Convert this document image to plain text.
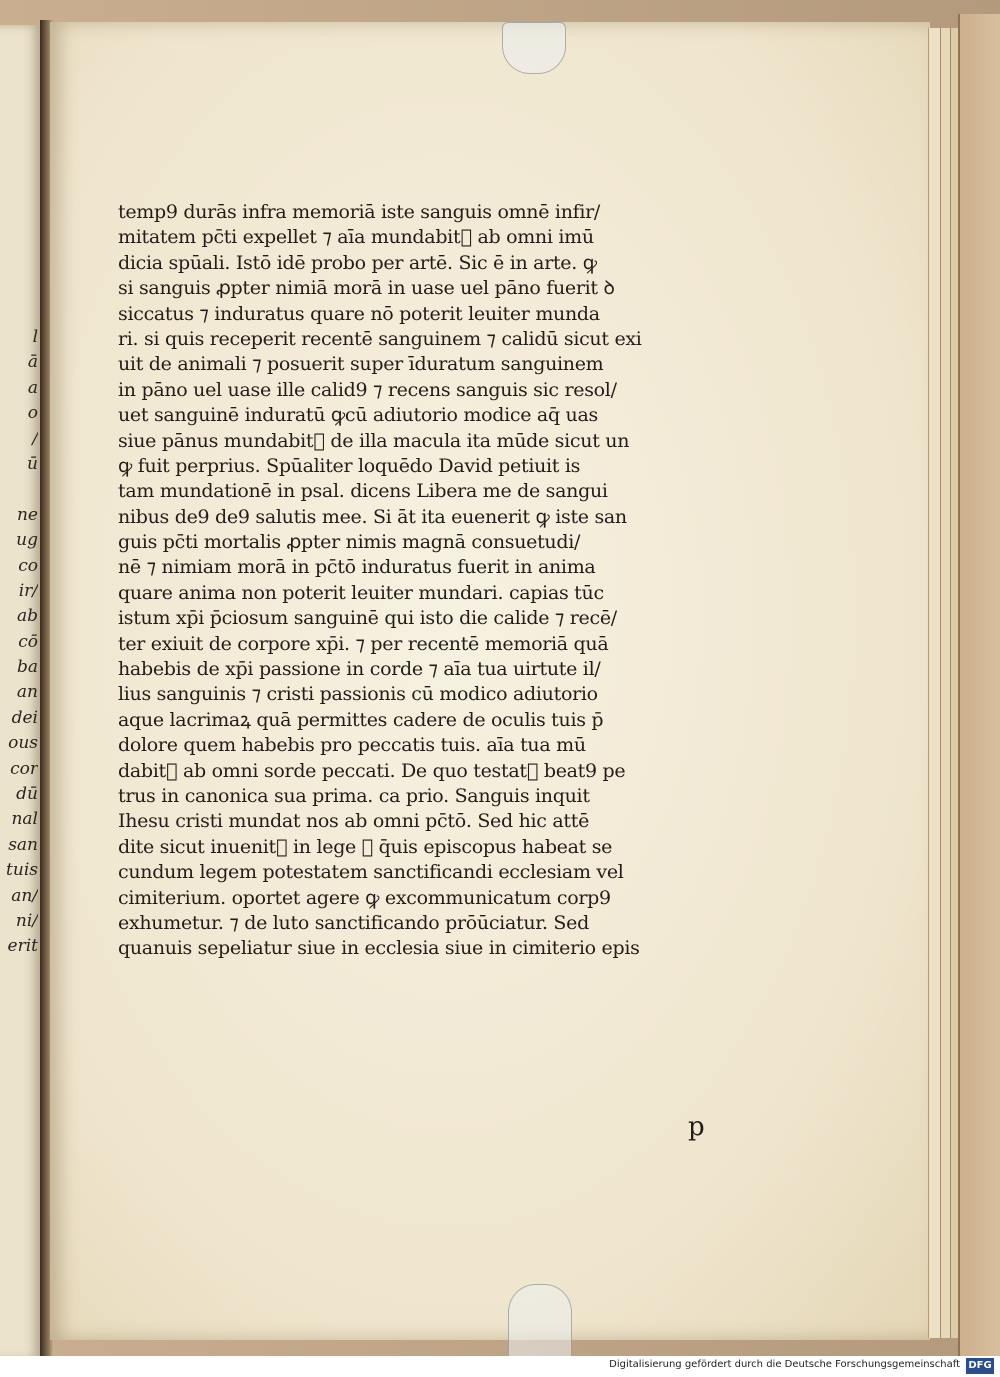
l
ā
a
o
/
ū
ne
ug
co
ir/
ab
cō
ba
an
dei
ous
cor
dū
nal
san
tuis
an/
ni/
erit
temp9 durās infra memoriā iste sanguis omnē infir/
mitatem pc̄ti expellet ⁊ aīa mundabit᷑ ab omni imū
dicia spūali. Istō idē probo per artē. Sic ē in arte. ꝙ
si sanguis ꝓpter nimiā morā in uase uel pāno fuerit ꝺ
siccatus ⁊ induratus quare nō poterit leuiter munda
ri. si quis receperit recentē sanguinem ⁊ calidū sicut exi
uit de animali ⁊ posuerit super īduratum sanguinem
in pāno uel uase ille calid9 ⁊ recens sanguis sic resol/
uet sanguinē induratū ꝙcū adiutorio modice aq̄ uas
siue pānus mundabit᷑ de illa macula ita mūde sicut un
ꝙ fuit perprius. Spūaliter loquēdo David petiuit is
tam mundationē in psal. dicens Libera me de sangui
nibus de9 de9 salutis mee. Si āt ita euenerit ꝙ iste san
guis pc̄ti mortalis ꝓpter nimis magnā consuetudi/
nē ⁊ nimiam morā in pc̄tō induratus fuerit in anima
quare anima non poterit leuiter mundari. capias tūc
istum xp̄i p̄ciosum sanguinē qui isto die calide ⁊ recē/
ter exiuit de corpore xp̄i. ⁊ per recentē memoriā quā
habebis de xp̄i passione in corde ⁊ aīa tua uirtute il/
lius sanguinis ⁊ cristi passionis cū modico adiutorio
aque lacrimaꝝ quā permittes cadere de oculis tuis p̄
dolore quem habebis pro peccatis tuis. aīa tua mū
dabit᷑ ab omni sorde peccati. De quo testat᷑ beat9 pe
trus in canonica sua prima. ca prio. Sanguis inquit
Ihesu cristi mundat nos ab omni pc̄tō. Sed hic attē
dite sicut inuenit᷑ in lege ꝙ q̄uis episcopus habeat se
cundum legem potestatem sanctificandi ecclesiam vel
cimiterium. oportet agere ꝙ excommunicatum corp9
exhumetur. ⁊ de luto sanctificando prōūciatur. Sed
quanuis sepeliatur siue in ecclesia siue in cimiterio epis
p
Digitalisierung gefördert durch die Deutsche Forschungsgemeinschaft DFG
